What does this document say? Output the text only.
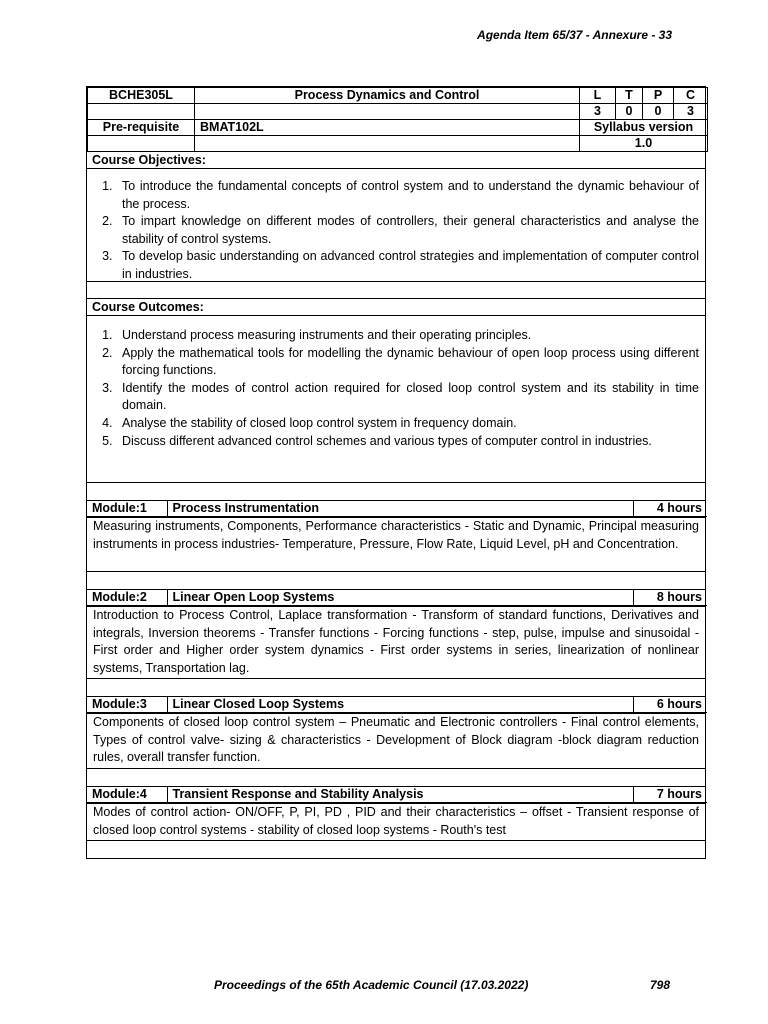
Agenda Item 65/37 - Annexure - 33
BCHE305L	Process Dynamics and Control	L	T	P	C
		3	0	0	3
Pre-requisite	BMAT102L	Syllabus version			
		1.0			
Course Objectives:
1. To introduce the fundamental concepts of control system and to understand the dynamic behaviour of the process.
2. To impart knowledge on different modes of controllers, their general characteristics and analyse the stability of control systems.
3. To develop basic understanding on advanced control strategies and implementation of computer control in industries.
Course Outcomes:
1. Understand process measuring instruments and their operating principles.
2. Apply the mathematical tools for modelling the dynamic behaviour of open loop process using different forcing functions.
3. Identify the modes of control action required for closed loop control system and its stability in time domain.
4. Analyse the stability of closed loop control system in frequency domain.
5. Discuss different advanced control schemes and various types of computer control in industries.
Module:1	Process Instrumentation	4 hours
Measuring instruments, Components, Performance characteristics - Static and Dynamic, Principal measuring instruments in process industries- Temperature, Pressure, Flow Rate, Liquid Level, pH and Concentration.
Module:2	Linear Open Loop Systems	8 hours
Introduction to Process Control, Laplace transformation - Transform of standard functions, Derivatives and integrals, Inversion theorems - Transfer functions - Forcing functions - step, pulse, impulse and sinusoidal - First order and Higher order system dynamics - First order systems in series, linearization of nonlinear systems, Transportation lag.
Module:3	Linear Closed Loop Systems	6 hours
Components of closed loop control system – Pneumatic and Electronic controllers - Final control elements, Types of control valve- sizing & characteristics - Development of Block diagram -block diagram reduction rules, overall transfer function.
Module:4	Transient Response and Stability Analysis	7 hours
Modes of control action- ON/OFF, P, PI, PD , PID and their characteristics – offset - Transient response of closed loop control systems - stability of closed loop systems - Routh's test
Proceedings of the 65th Academic Council (17.03.2022)	798
